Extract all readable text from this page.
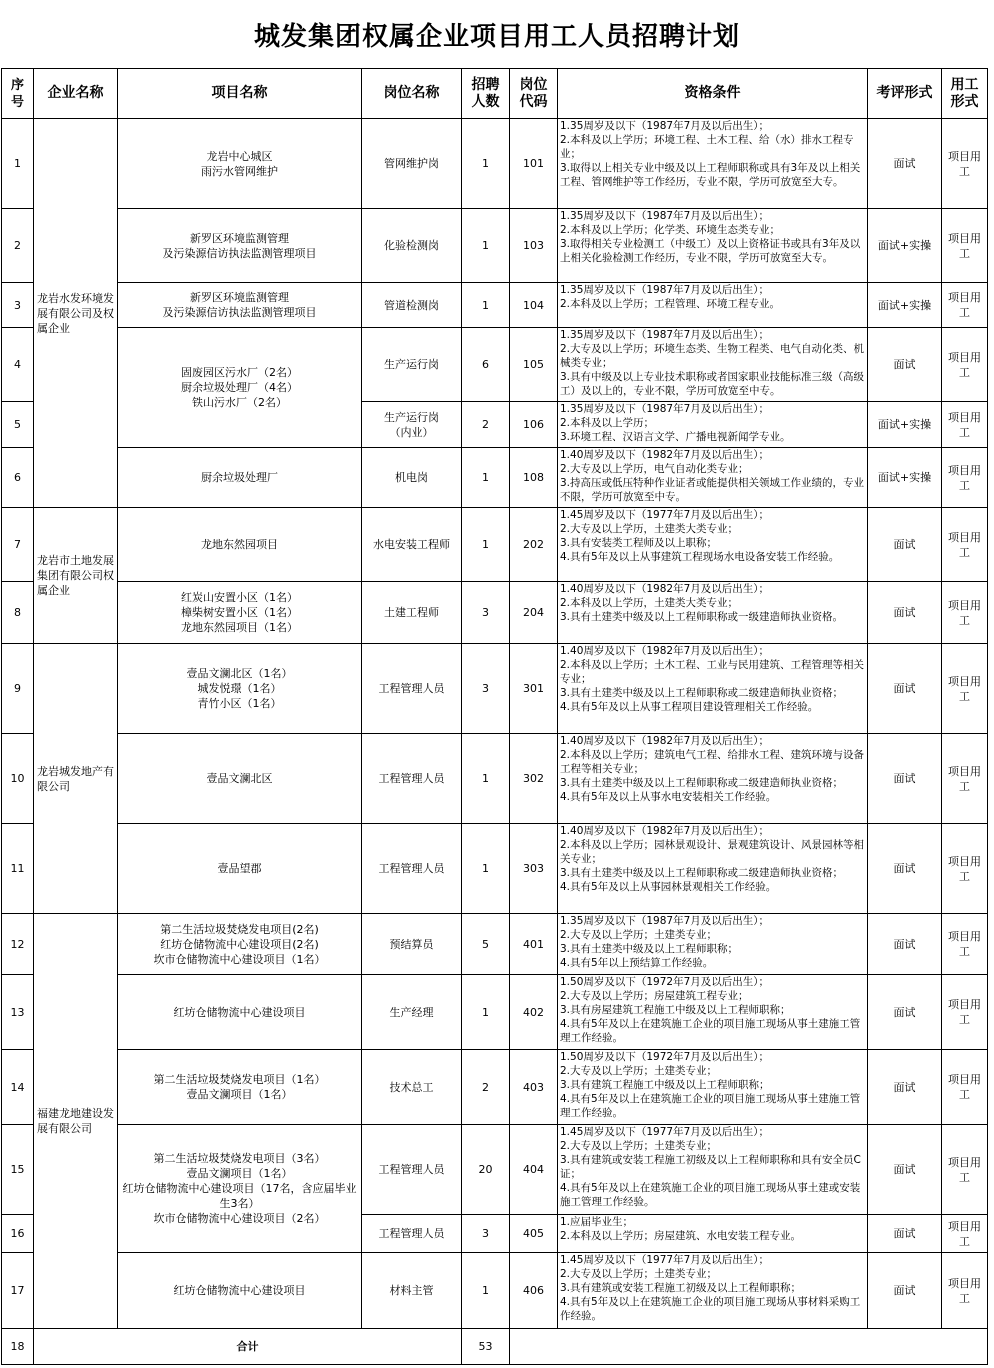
城发集团权属企业项目用工人员招聘计划
序号	企业名称	项目名称	岗位名称	招聘人数	岗位代码	资格条件	考评形式	用工形式
1	龙岩水发环境发展有限公司及权属企业	龙岩中心城区
雨污水管网维护	管网维护岗	1	101	1.35周岁及以下（1987年7月及以后出生）；
2.本科及以上学历；环境工程、土木工程、给（水）排水工程专业；
3.取得以上相关专业中级及以上工程师职称或具有3年及以上相关工程、管网维护等工作经历，专业不限，学历可放宽至大专。	面试	项目用工
2		新罗区环境监测管理
及污染源信访执法监测管理项目	化验检测岗	1	103	1.35周岁及以下（1987年7月及以后出生）；
2.本科及以上学历；化学类、环境生态类专业；
3.取得相关专业检测工（中级工）及以上资格证书或具有3年及以上相关化验检测工作经历，专业不限，学历可放宽至大专。	面试+实操	项目用工
3		新罗区环境监测管理
及污染源信访执法监测管理项目	管道检测岗	1	104	1.35周岁及以下（1987年7月及以后出生）；
2.本科及以上学历；工程管理、环境工程专业。	面试+实操	项目用工
4		固废园区污水厂（2名）
厨余垃圾处理厂（4名）
铁山污水厂（2名）	生产运行岗	6	105	1.35周岁及以下（1987年7月及以后出生）；
2.大专及以上学历；环境生态类、生物工程类、电气自动化类、机械类专业；
3.具有中级及以上专业技术职称或者国家职业技能标准三级（高级工）及以上的，专业不限，学历可放宽至中专。	面试	项目用工
5			生产运行岗
（内业）	2	106	1.35周岁及以下（1987年7月及以后出生）；
2.本科及以上学历；
3.环境工程、汉语言文学、广播电视新闻学专业。	面试+实操	项目用工
6		厨余垃圾处理厂	机电岗	1	108	1.40周岁及以下（1982年7月及以后出生）；
2.大专及以上学历，电气自动化类专业；
3.持高压或低压特种作业证者或能提供相关领域工作业绩的，专业不限，学历可放宽至中专。	面试+实操	项目用工
7	龙岩市土地发展集团有限公司权属企业	龙地东然园项目	水电安装工程师	1	202	1.45周岁及以下（1977年7月及以后出生）；
2.大专及以上学历，土建类大类专业；
3.具有安装类工程师及以上职称；
4.具有5年及以上从事建筑工程现场水电设备安装工作经验。	面试	项目用工
8		红炭山安置小区（1名）
樟柴树安置小区（1名）
龙地东然园项目（1名）	土建工程师	3	204	1.40周岁及以下（1982年7月及以后出生）；
2.本科及以上学历，土建类大类专业；
3.具有土建类中级及以上工程师职称或一级建造师执业资格。	面试	项目用工
9	龙岩城发地产有限公司	壹品文澜北区（1名）
城发悦璟（1名）
青竹小区（1名）	工程管理人员	3	301	1.40周岁及以下（1982年7月及以后出生）；
2.本科及以上学历；土木工程、工业与民用建筑、工程管理等相关专业；
3.具有土建类中级及以上工程师职称或二级建造师执业资格；
4.具有5年及以上从事工程项目建设管理相关工作经验。	面试	项目用工
10		壹品文澜北区	工程管理人员	1	302	1.40周岁及以下（1982年7月及以后出生）；
2.本科及以上学历；建筑电气工程、给排水工程、建筑环境与设备工程等相关专业；
3.具有土建类中级及以上工程师职称或二级建造师执业资格；
4.具有5年及以上从事水电安装相关工作经验。	面试	项目用工
11		壹品望郡	工程管理人员	1	303	1.40周岁及以下（1982年7月及以后出生）；
2.本科及以上学历；园林景观设计、景观建筑设计、风景园林等相关专业；
3.具有土建类中级及以上工程师职称或二级建造师执业资格；
4.具有5年及以上从事园林景观相关工作经验。	面试	项目用工
12	福建龙地建设发展有限公司	第二生活垃圾焚烧发电项目(2名)
红坊仓储物流中心建设项目(2名)
坎市仓储物流中心建设项目（1名）	预结算员	5	401	1.35周岁及以下（1987年7月及以后出生）；
2.大专及以上学历；土建类专业；
3.具有土建类中级及以上工程师职称；
4.具有5年以上预结算工作经验。	面试	项目用工
13		红坊仓储物流中心建设项目	生产经理	1	402	1.50周岁及以下（1972年7月及以后出生）；
2.大专及以上学历；房屋建筑工程专业；
3.具有房屋建筑工程施工中级及以上工程师职称；
4.具有5年及以上在建筑施工企业的项目施工现场从事土建施工管理工作经验。	面试	项目用工
14		第二生活垃圾焚烧发电项目（1名）
壹品文澜项目（1名）	技术总工	2	403	1.50周岁及以下（1972年7月及以后出生）；
2.大专及以上学历；土建类专业；
3.具有建筑工程施工中级及以上工程师职称；
4.具有5年及以上在建筑施工企业的项目施工现场从事土建施工管理工作经验。	面试	项目用工
15		第二生活垃圾焚烧发电项目（3名）
壹品文澜项目（1名）
红坊仓储物流中心建设项目（17名，含应届毕业生3名）
坎市仓储物流中心建设项目（2名）	工程管理人员	20	404	1.45周岁及以下（1977年7月及以后出生）；
2.大专及以上学历；土建类专业；
3.具有建筑或安装工程施工初级及以上工程师职称和具有安全员C证；
4.具有5年及以上在建筑施工企业的项目施工现场从事土建或安装施工管理工作经验。	面试	项目用工
16			工程管理人员	3	405	1.应届毕业生；
2.本科及以上学历；房屋建筑、水电安装工程专业。	面试	项目用工
17		红坊仓储物流中心建设项目	材料主管	1	406	1.45周岁及以下（1977年7月及以后出生）；
2.大专及以上学历；土建类专业；
3.具有建筑或安装工程施工初级及以上工程师职称；
4.具有5年及以上在建筑施工企业的项目施工现场从事材料采购工作经验。	面试	项目用工
18	合计			53				
